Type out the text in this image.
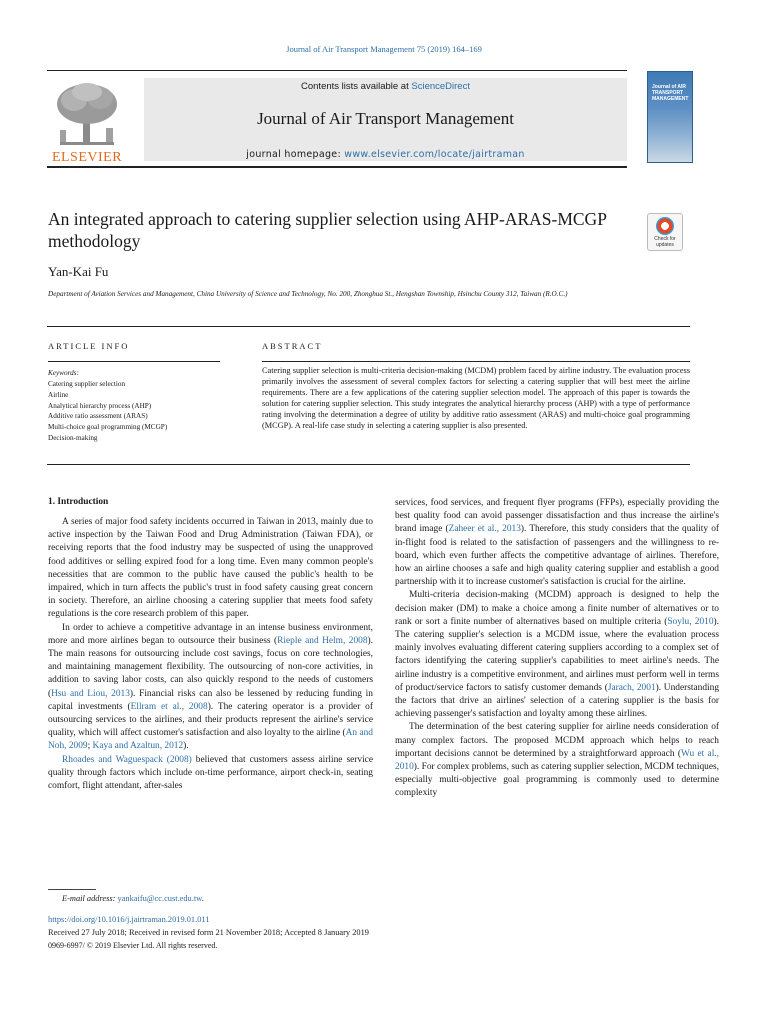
Journal of Air Transport Management 75 (2019) 164–169
ELSEVIER
Contents lists available at ScienceDirect
Journal of Air Transport Management
journal homepage: www.elsevier.com/locate/jairtraman
Journal of AIR TRANSPORT MANAGEMENT
An integrated approach to catering supplier selection using AHP-ARAS-MCGP methodology	Check for updates
Yan-Kai Fu
Department of Aviation Services and Management, China University of Science and Technology, No. 200, Zhonghua St., Hengshan Township, Hsinchu County 312, Taiwan (R.O.C.)
ARTICLE INFO	ABSTRACT
Keywords:
Catering supplier selection
Airline
Analytical hierarchy process (AHP)
Additive ratio assessment (ARAS)
Multi-choice goal programming (MCGP)
Decision-making
Catering supplier selection is multi-criteria decision-making (MCDM) problem faced by airline industry. The evaluation process primarily involves the assessment of several complex factors for selecting a catering supplier that will best meet the airline requirements. There are a few applications of the catering supplier selection model. The approach of this paper is towards the solution for catering supplier selection. This study integrates the analytical hierarchy process (AHP) with a type of performance rating involving the determination a degree of utility by additive ratio assessment (ARAS) and multi-choice goal programming (MCGP). A real-life case study in selecting a catering supplier is also presented.
1. Introduction

A series of major food safety incidents occurred in Taiwan in 2013, mainly due to active inspection by the Taiwan Food and Drug Administration (Taiwan FDA), or receiving reports that the food industry may be suspected of using the unapproved food additives or selling expired food for a long time. Even many common people's necessities that are common to the public have caused the public's health to be impaired, which in turn affects the public's trust in food safety causing great concern in society. Therefore, an airline choosing a catering supplier that meets food safety regulations is the core research problem of this paper.

In order to achieve a competitive advantage in an intense business environment, more and more airlines began to outsource their business (Rieple and Helm, 2008). The main reasons for outsourcing include cost savings, focus on core technologies, and maintaining management flexibility. The outsourcing of non-core activities, in addition to saving labor costs, can also quickly respond to the needs of customers (Hsu and Liou, 2013). Financial risks can also be lessened by reducing funding in capital investments (Ellram et al., 2008). The catering operator is a provider of outsourcing services to the airlines, and their products represent the airline's service quality, which will affect customer's satisfaction and also loyalty to the airline (An and Noh, 2009; Kaya and Azaltun, 2012).

Rhoades and Waguespack (2008) believed that customers assess airline service quality through factors which include on-time performance, airport check-in, seating comfort, flight attendant, after-sales

services, food services, and frequent flyer programs (FFPs), especially providing the best quality food can avoid passenger dissatisfaction and thus increase the airline's brand image (Zaheer et al., 2013). Therefore, this study considers that the quality of in-flight food is related to the satisfaction of passengers and the willingness to re-board, which even further affects the competitive advantage of airlines. Therefore, how an airline chooses a safe and high quality catering supplier and establish a good partnership with it to increase customer's satisfaction is crucial for the airline.

Multi-criteria decision-making (MCDM) approach is designed to help the decision maker (DM) to make a choice among a finite number of alternatives or to rank or sort a finite number of alternatives based on multiple criteria (Soylu, 2010). The catering supplier's selection is a MCDM issue, where the evaluation process mainly involves evaluating different catering suppliers according to a complex set of factors identifying the catering supplier's capabilities to meet airline's needs. The airline industry is a competitive environment, and airlines must perform well in terms of product/service factors to satisfy customer demands (Jarach, 2001). Understanding the factors that drive an airlines' selection of a catering supplier is the basis for achieving passenger's satisfaction and loyalty among these airlines.

The determination of the best catering supplier for airline needs consideration of many complex factors. The proposed MCDM approach which helps to reach important decisions cannot be determined by a straightforward approach (Wu et al., 2010). For complex problems, such as catering supplier selection, MCDM techniques, especially multi-objective goal programming is commonly used to determine complexity

E-mail address: yankaifu@cc.cust.edu.tw.
https://doi.org/10.1016/j.jairtraman.2019.01.011
Received 27 July 2018; Received in revised form 21 November 2018; Accepted 8 January 2019
0969-6997/ © 2019 Elsevier Ltd. All rights reserved.
